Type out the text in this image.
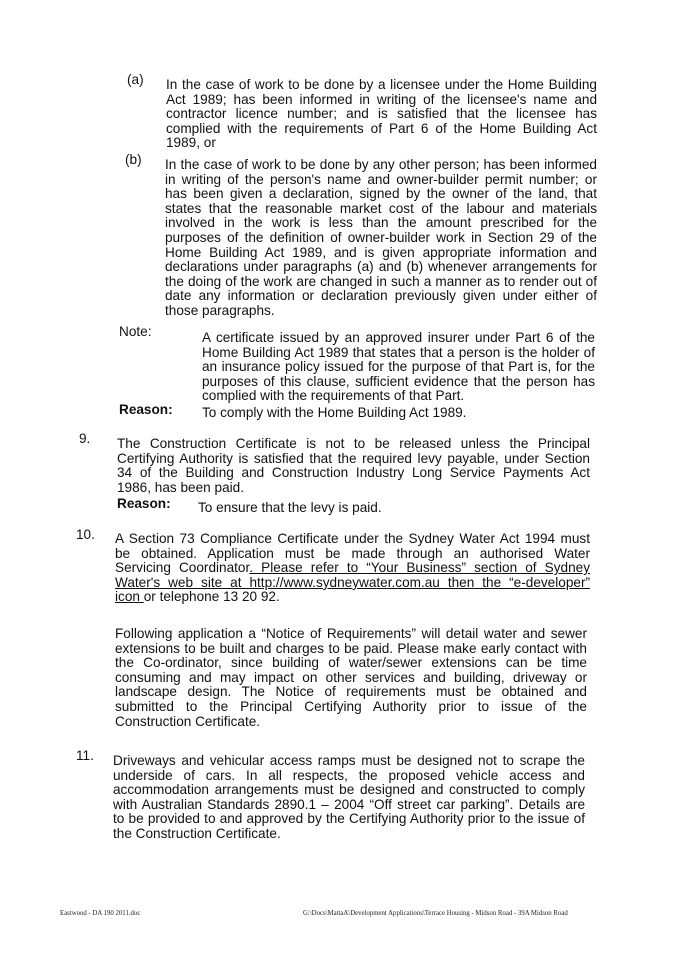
(a) In the case of work to be done by a licensee under the Home Building
Act 1989; has been informed in writing of the licensee's name and
contractor licence number; and is satisfied that the licensee has
complied with the requirements of Part 6 of the Home Building Act
1989, or
(b) In the case of work to be done by any other person; has been informed
in writing of the person's name and owner-builder permit number; or
has been given a declaration, signed by the owner of the land, that
states that the reasonable market cost of the labour and materials
involved in the work is less than the amount prescribed for the
purposes of the definition of owner-builder work in Section 29 of the
Home Building Act 1989, and is given appropriate information and
declarations under paragraphs (a) and (b) whenever arrangements for
the doing of the work are changed in such a manner as to render out of
date any information or declaration previously given under either of
those paragraphs.
Note:	A certificate issued by an approved insurer under Part 6 of the
Home Building Act 1989 that states that a person is the holder of
an insurance policy issued for the purpose of that Part is, for the
purposes of this clause, sufficient evidence that the person has
complied with the requirements of that Part.
Reason: To comply with the Home Building Act 1989.
9. The Construction Certificate is not to be released unless the Principal
Certifying Authority is satisfied that the required levy payable, under Section
34 of the Building and Construction Industry Long Service Payments Act
1986, has been paid.
Reason: To ensure that the levy is paid.
10. A Section 73 Compliance Certificate under the Sydney Water Act 1994 must
be obtained. Application must be made through an authorised Water
Servicing Coordinator. Please refer to “Your Business” section of Sydney
Water's web site at http://www.sydneywater.com.au then the “e-developer”
icon or telephone 13 20 92.
Following application a “Notice of Requirements” will detail water and sewer
extensions to be built and charges to be paid. Please make early contact with
the Co-ordinator, since building of water/sewer extensions can be time
consuming and may impact on other services and building, driveway or
landscape design. The Notice of requirements must be obtained and
submitted to the Principal Certifying Authority prior to issue of the
Construction Certificate.
11. Driveways and vehicular access ramps must be designed not to scrape the
underside of cars. In all respects, the proposed vehicle access and
accommodation arrangements must be designed and constructed to comply
with Australian Standards 2890.1 – 2004 “Off street car parking”. Details are
to be provided to and approved by the Certifying Authority prior to the issue of
the Construction Certificate.
Eastwood - DA 190 2011.doc	G:\Docs\MattaA\Development Applications\Terrace Housing - Midson Road - 39A Midson Road
